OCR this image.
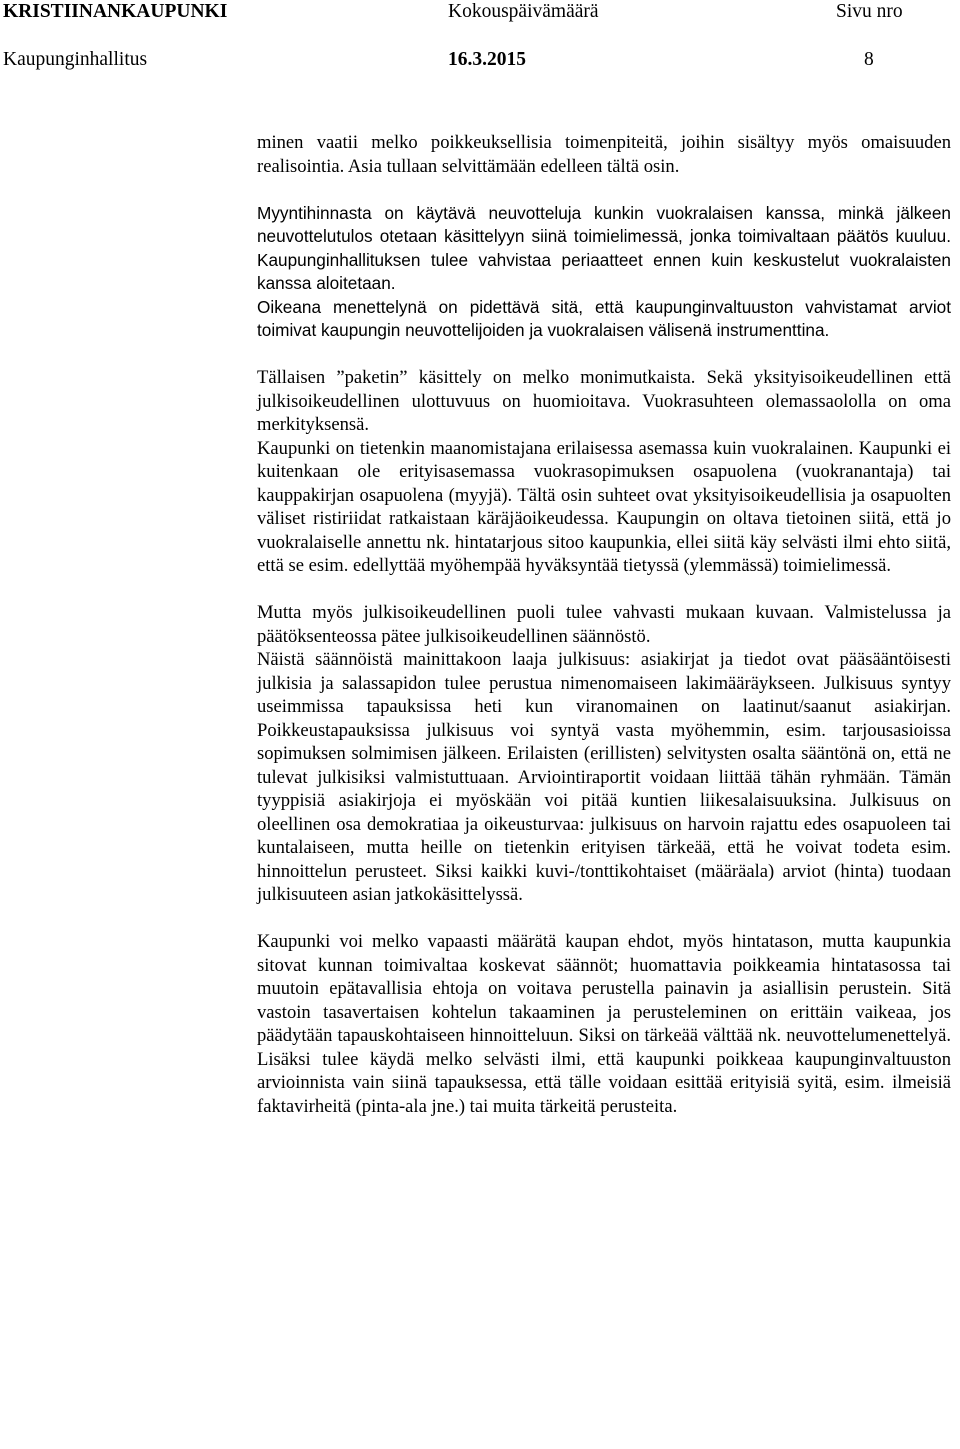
KRISTIINANKAUPUNKI	Kokouspäivämäärä	Sivu nro
Kaupunginhallitus	16.3.2015	8

minen vaatii melko poikkeuksellisia toimenpiteitä, joihin sisältyy myös omaisuuden realisointia. Asia tullaan selvittämään edelleen tältä osin.

Myyntihinnasta on käytävä neuvotteluja kunkin vuokralaisen kanssa, minkä jälkeen neuvottelutulos otetaan käsittelyyn siinä toimielimessä, jonka toimivaltaan päätös kuuluu. Kaupunginhallituksen tulee vahvistaa periaatteet ennen kuin keskustelut vuokralaisten kanssa aloitetaan.

Oikeana menettelynä on pidettävä sitä, että kaupunginvaltuuston vahvistamat arviot toimivat kaupungin neuvottelijoiden ja vuokralaisen välisenä instrumenttina.

Tällaisen ”paketin” käsittely on melko monimutkaista. Sekä yksityisoikeudellinen että julkisoikeudellinen ulottuvuus on huomioitava. Vuokrasuhteen olemassaololla on oma merkityksensä.

Kaupunki on tietenkin maanomistajana erilaisessa asemassa kuin vuokralainen. Kaupunki ei kuitenkaan ole erityisasemassa vuokrasopimuksen osapuolena (vuokranantaja) tai kauppakirjan osapuolena (myyjä). Tältä osin suhteet ovat yksityisoikeudellisia ja osapuolten väliset ristiriidat ratkaistaan käräjäoikeudessa. Kaupungin on oltava tietoinen siitä, että jo vuokralaiselle annettu nk. hintatarjous sitoo kaupunkia, ellei siitä käy selvästi ilmi ehto siitä, että se esim. edellyttää myöhempää hyväksyntää tietyssä (ylemmässä) toimielimessä.

Mutta myös julkisoikeudellinen puoli tulee vahvasti mukaan kuvaan. Valmistelussa ja päätöksenteossa pätee julkisoikeudellinen säännöstö.

Näistä säännöistä mainittakoon laaja julkisuus: asiakirjat ja tiedot ovat pääsääntöisesti julkisia ja salassapidon tulee perustua nimenomaiseen lakimääräykseen. Julkisuus syntyy useimmissa tapauksissa heti kun viranomainen on laatinut/saanut asiakirjan. Poikkeustapauksissa julkisuus voi syntyä vasta myöhemmin, esim. tarjousasioissa sopimuksen solmimisen jälkeen. Erilaisten (erillisten) selvitysten osalta sääntönä on, että ne tulevat julkisiksi valmistuttuaan. Arviointiraportit voidaan liittää tähän ryhmään. Tämän tyyppisiä asiakirjoja ei myöskään voi pitää kuntien liikesalaisuuksina. Julkisuus on oleellinen osa demokratiaa ja oikeusturvaa: julkisuus on harvoin rajattu edes osapuoleen tai kuntalaiseen, mutta heille on tietenkin erityisen tärkeää, että he voivat todeta esim. hinnoittelun perusteet. Siksi kaikki kuvi-/tonttikohtaiset (määräala) arviot (hinta) tuodaan julkisuuteen asian jatkokäsittelyssä.

Kaupunki voi melko vapaasti määrätä kaupan ehdot, myös hintatason, mutta kaupunkia sitovat kunnan toimivaltaa koskevat säännöt; huomattavia poikkeamia hintatasossa tai muutoin epätavallisia ehtoja on voitava perustella painavin ja asiallisin perustein. Sitä vastoin tasavertaisen kohtelun takaaminen ja perusteleminen on erittäin vaikeaa, jos päädytään tapauskohtaiseen hinnoitteluun. Siksi on tärkeää välttää nk. neuvottelumenettelyä. Lisäksi tulee käydä melko selvästi ilmi, että kaupunki poikkeaa kaupunginvaltuuston arvioinnista vain siinä tapauksessa, että tälle voidaan esittää erityisiä syitä, esim. ilmeisiä faktavirheitä (pinta-ala jne.) tai muita tärkeitä perusteita.
